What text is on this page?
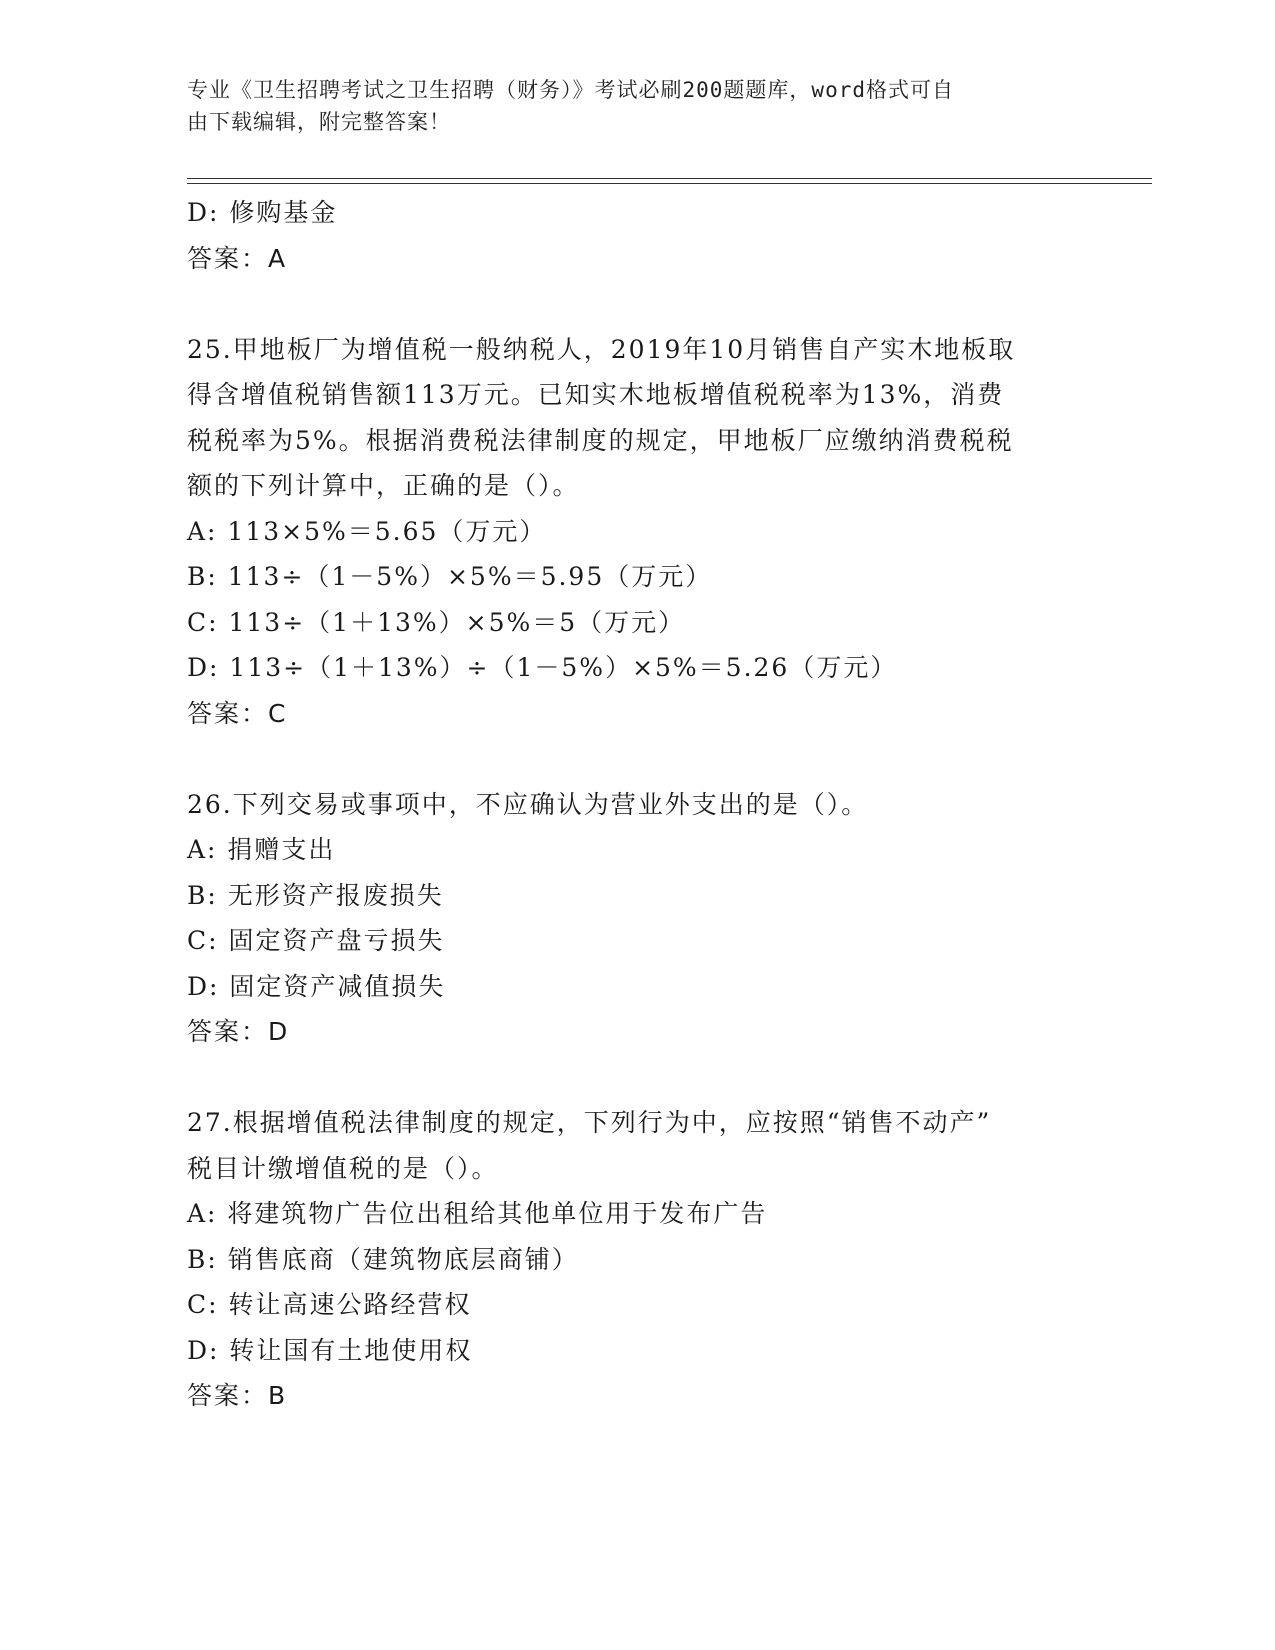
专业《卫生招聘考试之卫生招聘（财务）》考试必刷200题题库，word格式可自
由下载编辑，附完整答案！
D: 修购基金
答案：A
25.甲地板厂为增值税一般纳税人，2019年10月销售自产实木地板取
得含增值税销售额113万元。已知实木地板增值税税率为13%，消费
税税率为5%。根据消费税法律制度的规定，甲地板厂应缴纳消费税税
额的下列计算中，正确的是（）。
A: 113×5%＝5.65（万元）
B: 113÷（1－5%）×5%＝5.95（万元）
C: 113÷（1＋13%）×5%＝5（万元）
D: 113÷（1＋13%）÷（1－5%）×5%＝5.26（万元）
答案：C
26.下列交易或事项中，不应确认为营业外支出的是（）。
A: 捐赠支出
B: 无形资产报废损失
C: 固定资产盘亏损失
D: 固定资产减值损失
答案：D
27.根据增值税法律制度的规定，下列行为中，应按照“销售不动产”
税目计缴增值税的是（）。
A: 将建筑物广告位出租给其他单位用于发布广告
B: 销售底商（建筑物底层商铺）
C: 转让高速公路经营权
D: 转让国有土地使用权
答案：B
